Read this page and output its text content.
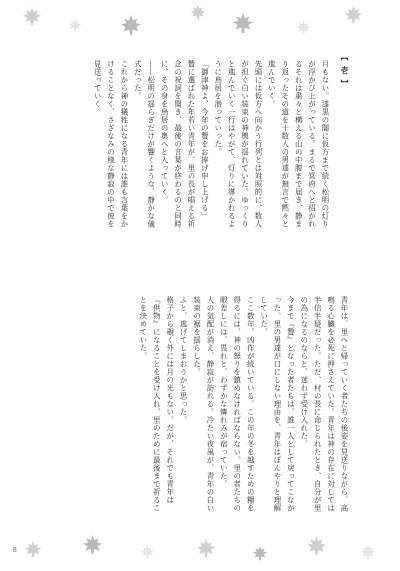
【 壱 】

月もない。漆黒の闇に仮方まで続く松明の灯りが浮かび上がっている。まるで冥府へと招かれるそれは粛々と構える山の中腹まで届き、静まり返ったその道を十数人の男達が無言で黙々と進んでいく。

先頭には仮方へ向かう行列とは対照的に、数人が担ぐ白い装束の神輿が揺れていた。ゆっくりと進んでいく一行はやがて、灯りに導かれるように鳥居を潜っていった。

「御津神よ、今年の贄をお捧げ申し上げる」

贄に選ばれた年若い青年が、里の長が唱える祈念の祝詞を聞き、最後の言葉が終わるのと同時に、その身を鳥居の奥へと入っていく。

――松明の揺らぎだけが響くような、静かな儀式だった。

これから神の犠牲になる青年には誰も言葉をかけることなく、さざなみの様な静寂の中で彼を見送っていく。

青年は、里へと帰っていく者たちの後姿を見送りながら、高鳴る心臓を必死に押さえていた。青年は神の存在に対しては半信半疑だった。ただ、村の長に命じられたとき、自分が里の為になるのならと、迷わず受け入れた。

今まで『贄』となった者たちは、誰一人として戻ってこなかった。里の男達が口にしない理由を、青年はぼんやりと理解していた。

ここ数年、凶作が続いている。この年の冬を越すための糧を得るには、神の怒りを鎮めなければならない。里の者たちの眼差しには、畏れと、わずかな憐れみが宿っていた。

人の気配が消え、静寂が訪れる。冷たい夜風が、青年の白い装束の裾を揺らした。

ふと、逃げてしまおうかと思った。

格子から覗く外には月の光もない。だが、それでも青年は『供物』になることを受け入れ、里のために最後まで祈ることを決めていた。

8
